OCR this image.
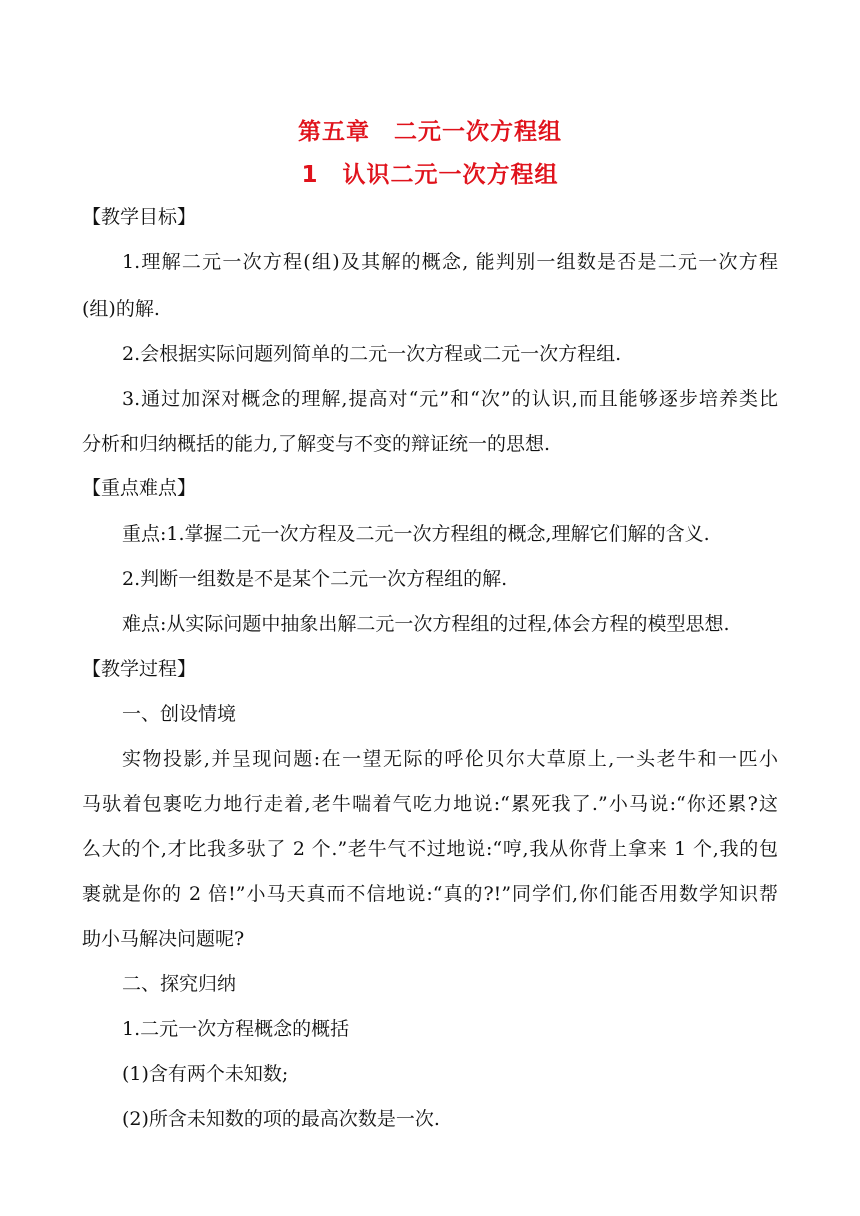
第五章　二元一次方程组
1　认识二元一次方程组
【教学目标】
1.理解二元一次方程(组)及其解的概念, 能判别一组数是否是二元一次方程
(组)的解.
2.会根据实际问题列简单的二元一次方程或二元一次方程组.
3.通过加深对概念的理解,提高对“元”和“次”的认识,而且能够逐步培养类比
分析和归纳概括的能力,了解变与不变的辩证统一的思想.
【重点难点】
重点:1.掌握二元一次方程及二元一次方程组的概念,理解它们解的含义.
2.判断一组数是不是某个二元一次方程组的解.
难点:从实际问题中抽象出解二元一次方程组的过程,体会方程的模型思想.
【教学过程】
一、创设情境
实物投影,并呈现问题:在一望无际的呼伦贝尔大草原上,一头老牛和一匹小
马驮着包裹吃力地行走着,老牛喘着气吃力地说:“累死我了.”小马说:“你还累?这
么大的个,才比我多驮了 2 个.”老牛气不过地说:“哼,我从你背上拿来 1 个,我的包
裹就是你的 2 倍!”小马天真而不信地说:“真的?!”同学们,你们能否用数学知识帮
助小马解决问题呢?
二、探究归纳
1.二元一次方程概念的概括
(1)含有两个未知数;
(2)所含未知数的项的最高次数是一次.
